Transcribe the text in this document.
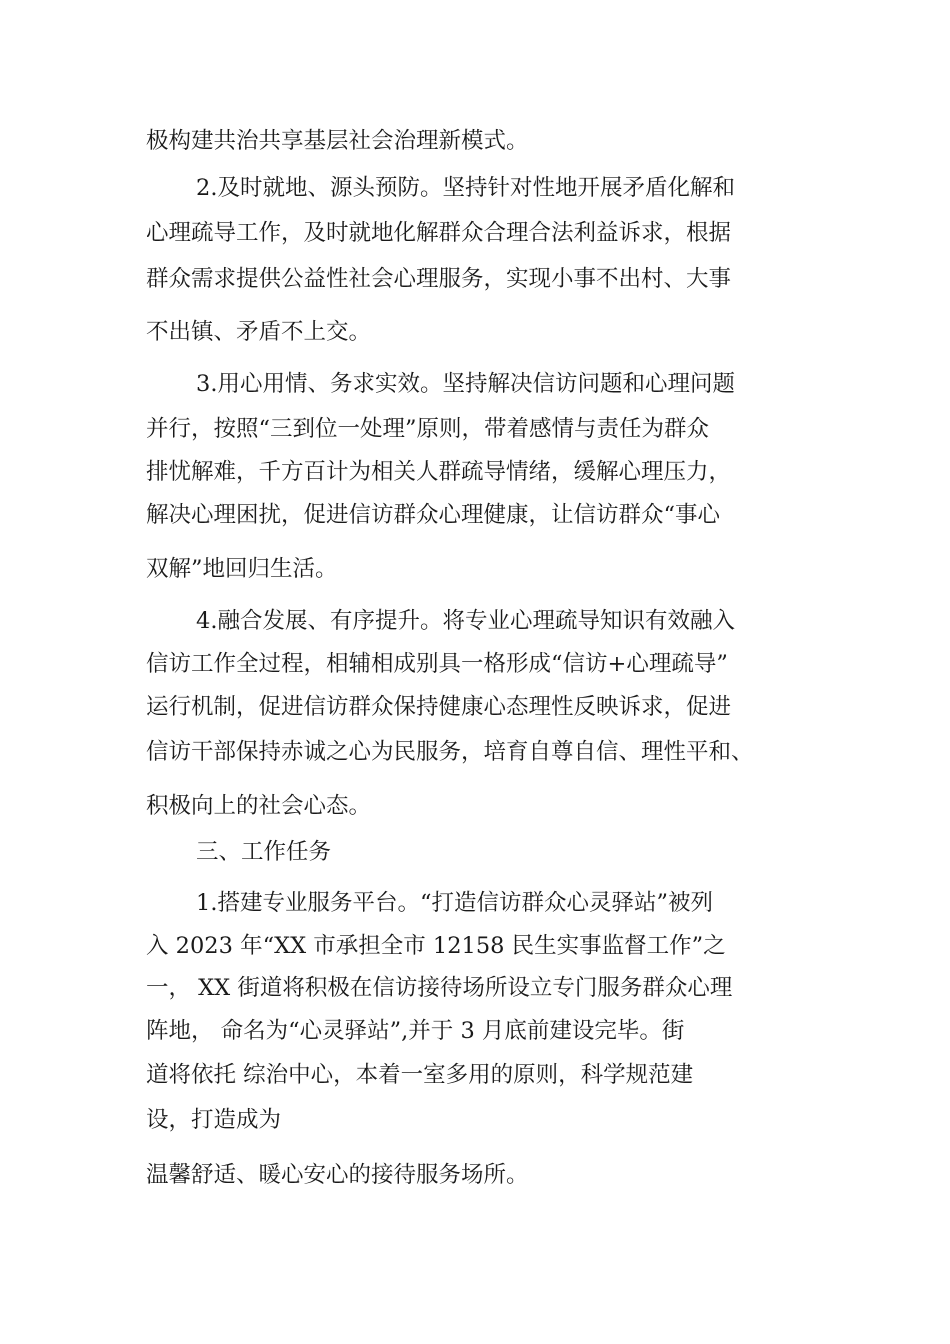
极构建共治共享基层社会治理新模式。

2.及时就地、源头预防。坚持针对性地开展矛盾化解和

心理疏导工作，及时就地化解群众合理合法利益诉求，根据

群众需求提供公益性社会心理服务，实现小事不出村、大事

不出镇、矛盾不上交。

3.用心用情、务求实效。坚持解决信访问题和心理问题

并行，按照“三到位一处理”原则，带着感情与责任为群众

排忧解难，千方百计为相关人群疏导情绪，缓解心理压力，

解决心理困扰，促进信访群众心理健康，让信访群众“事心

双解”地回归生活。

4.融合发展、有序提升。将专业心理疏导知识有效融入

信访工作全过程，相辅相成别具一格形成“信访+心理疏导”

运行机制，促进信访群众保持健康心态理性反映诉求，促进

信访干部保持赤诚之心为民服务，培育自尊自信、理性平和、

积极向上的社会心态。

三、工作任务

1.搭建专业服务平台。“打造信访群众心灵驿站”被列

入 2023 年“XX 市承担全市 12158 民生实事监督工作”之

一， XX 街道将积极在信访接待场所设立专门服务群众心理

阵地， 命名为“心灵驿站”,并于 3 月底前建设完毕。街

道将依托 综治中心，本着一室多用的原则，科学规范建

设，打造成为

温馨舒适、暖心安心的接待服务场所。
